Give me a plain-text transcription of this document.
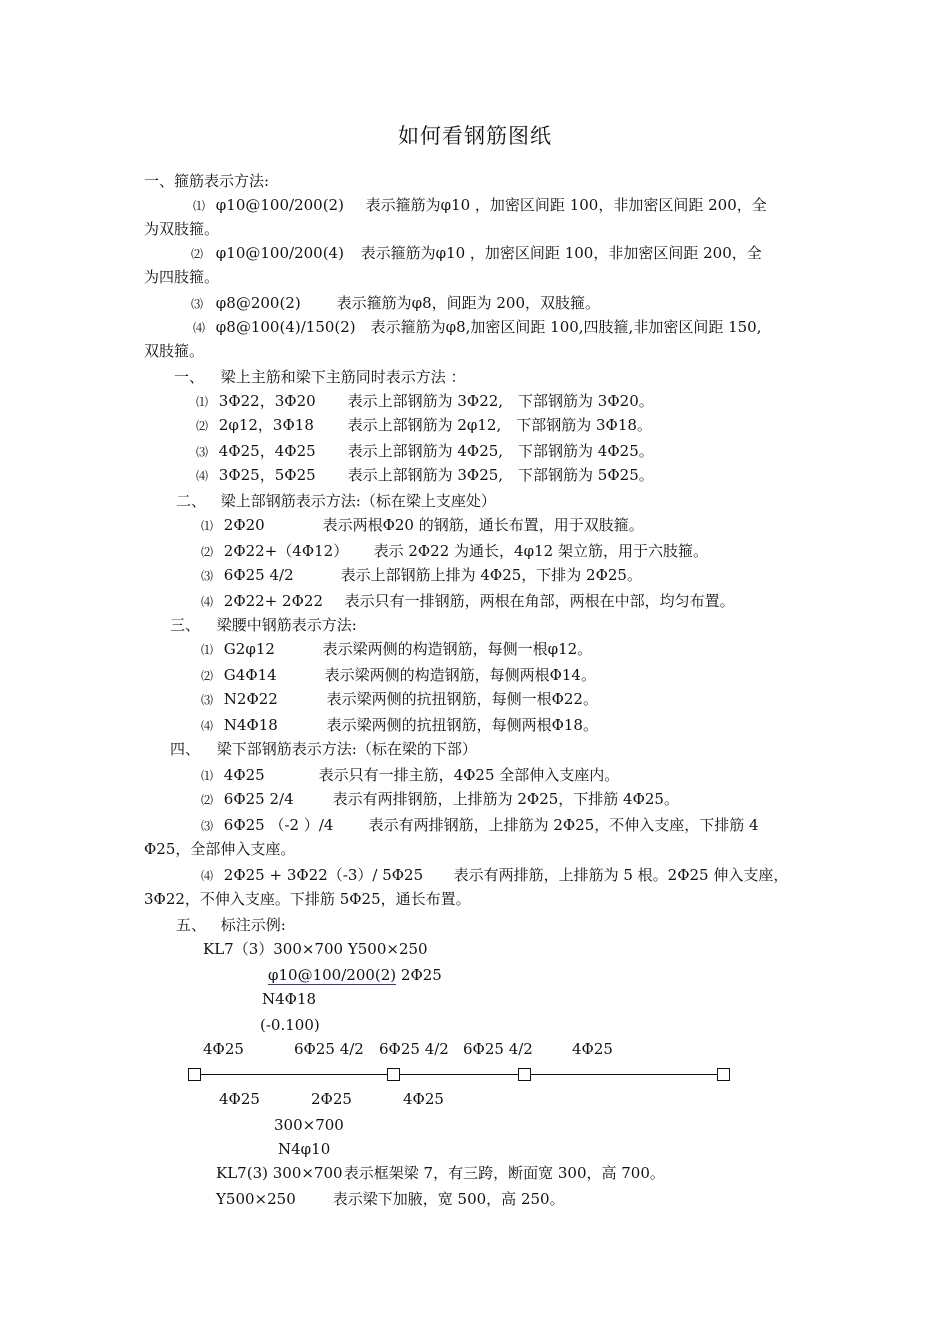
如何看钢筋图纸
一、箍筋表示方法:
⑴ φ10@100/200(2) 表示箍筋为φ10 ，加密区间距 100，非加密区间距 200，全
为双肢箍。
⑵ φ10@100/200(4) 表示箍筋为φ10 ，加密区间距 100，非加密区间距 200，全
为四肢箍。
⑶ φ8@200(2) 表示箍筋为φ8，间距为 200，双肢箍。
⑷ φ8@100(4)/150(2) 表示箍筋为φ8,加密区间距 100,四肢箍,非加密区间距 150,
双肢箍。
一、 梁上主筋和梁下主筋同时表示方法 ：
⑴ 3Φ22，3Φ20 表示上部钢筋为 3Φ22,　下部钢筋为 3Φ20。
⑵ 2φ12，3Φ18 表示上部钢筋为 2φ12,　下部钢筋为 3Φ18。
⑶ 4Φ25，4Φ25 表示上部钢筋为 4Φ25,　下部钢筋为 4Φ25。
⑷ 3Φ25，5Φ25 表示上部钢筋为 3Φ25,　下部钢筋为 5Φ25。
二、 梁上部钢筋表示方法:（标在梁上支座处）
⑴ 2Φ20	表示两根Φ20 的钢筋，通长布置，用于双肢箍。
⑵ 2Φ22+（4Φ12） 表示 2Φ22 为通长，4φ12 架立筋，用于六肢箍。
⑶ 6Φ25 4/2	表示上部钢筋上排为 4Φ25，下排为 2Φ25。
⑷ 2Φ22+ 2Φ22 表示只有一排钢筋，两根在角部，两根在中部，均匀布置。
三、 梁腰中钢筋表示方法:
⑴ G2φ12	表示梁两侧的构造钢筋，每侧一根φ12。
⑵ G4Φ14	表示梁两侧的构造钢筋，每侧两根Φ14。
⑶ N2Φ22	表示梁两侧的抗扭钢筋，每侧一根Φ22。
⑷ N4Φ18	表示梁两侧的抗扭钢筋，每侧两根Φ18。
四、 梁下部钢筋表示方法:（标在梁的下部）
⑴ 4Φ25	表示只有一排主筋，4Φ25 全部伸入支座内。
⑵ 6Φ25 2/4	表示有两排钢筋，上排筋为 2Φ25，下排筋 4Φ25。
⑶ 6Φ25 （-2 ）/4 表示有两排钢筋，上排筋为 2Φ25，不伸入支座，下排筋 4
Φ25，全部伸入支座。
⑷ 2Φ25 + 3Φ22（-3）/ 5Φ25 表示有两排筋，上排筋为 5 根。2Φ25 伸入支座，
3Φ22，不伸入支座。下排筋 5Φ25，通长布置。
五、 标注示例:
KL7（3）300×700 Y500×250
φ10@100/200(2) 2Φ25
N4Φ18
(-0.100)
4Φ25	6Φ25 4/2 6Φ25 4/2 6Φ25 4/2	4Φ25
4Φ25	2Φ25	4Φ25
300×700
N4φ10
KL7(3) 300×700 表示框架梁 7，有三跨，断面宽 300，高 700。
Y500×250 表示梁下加腋，宽 500，高 250。
